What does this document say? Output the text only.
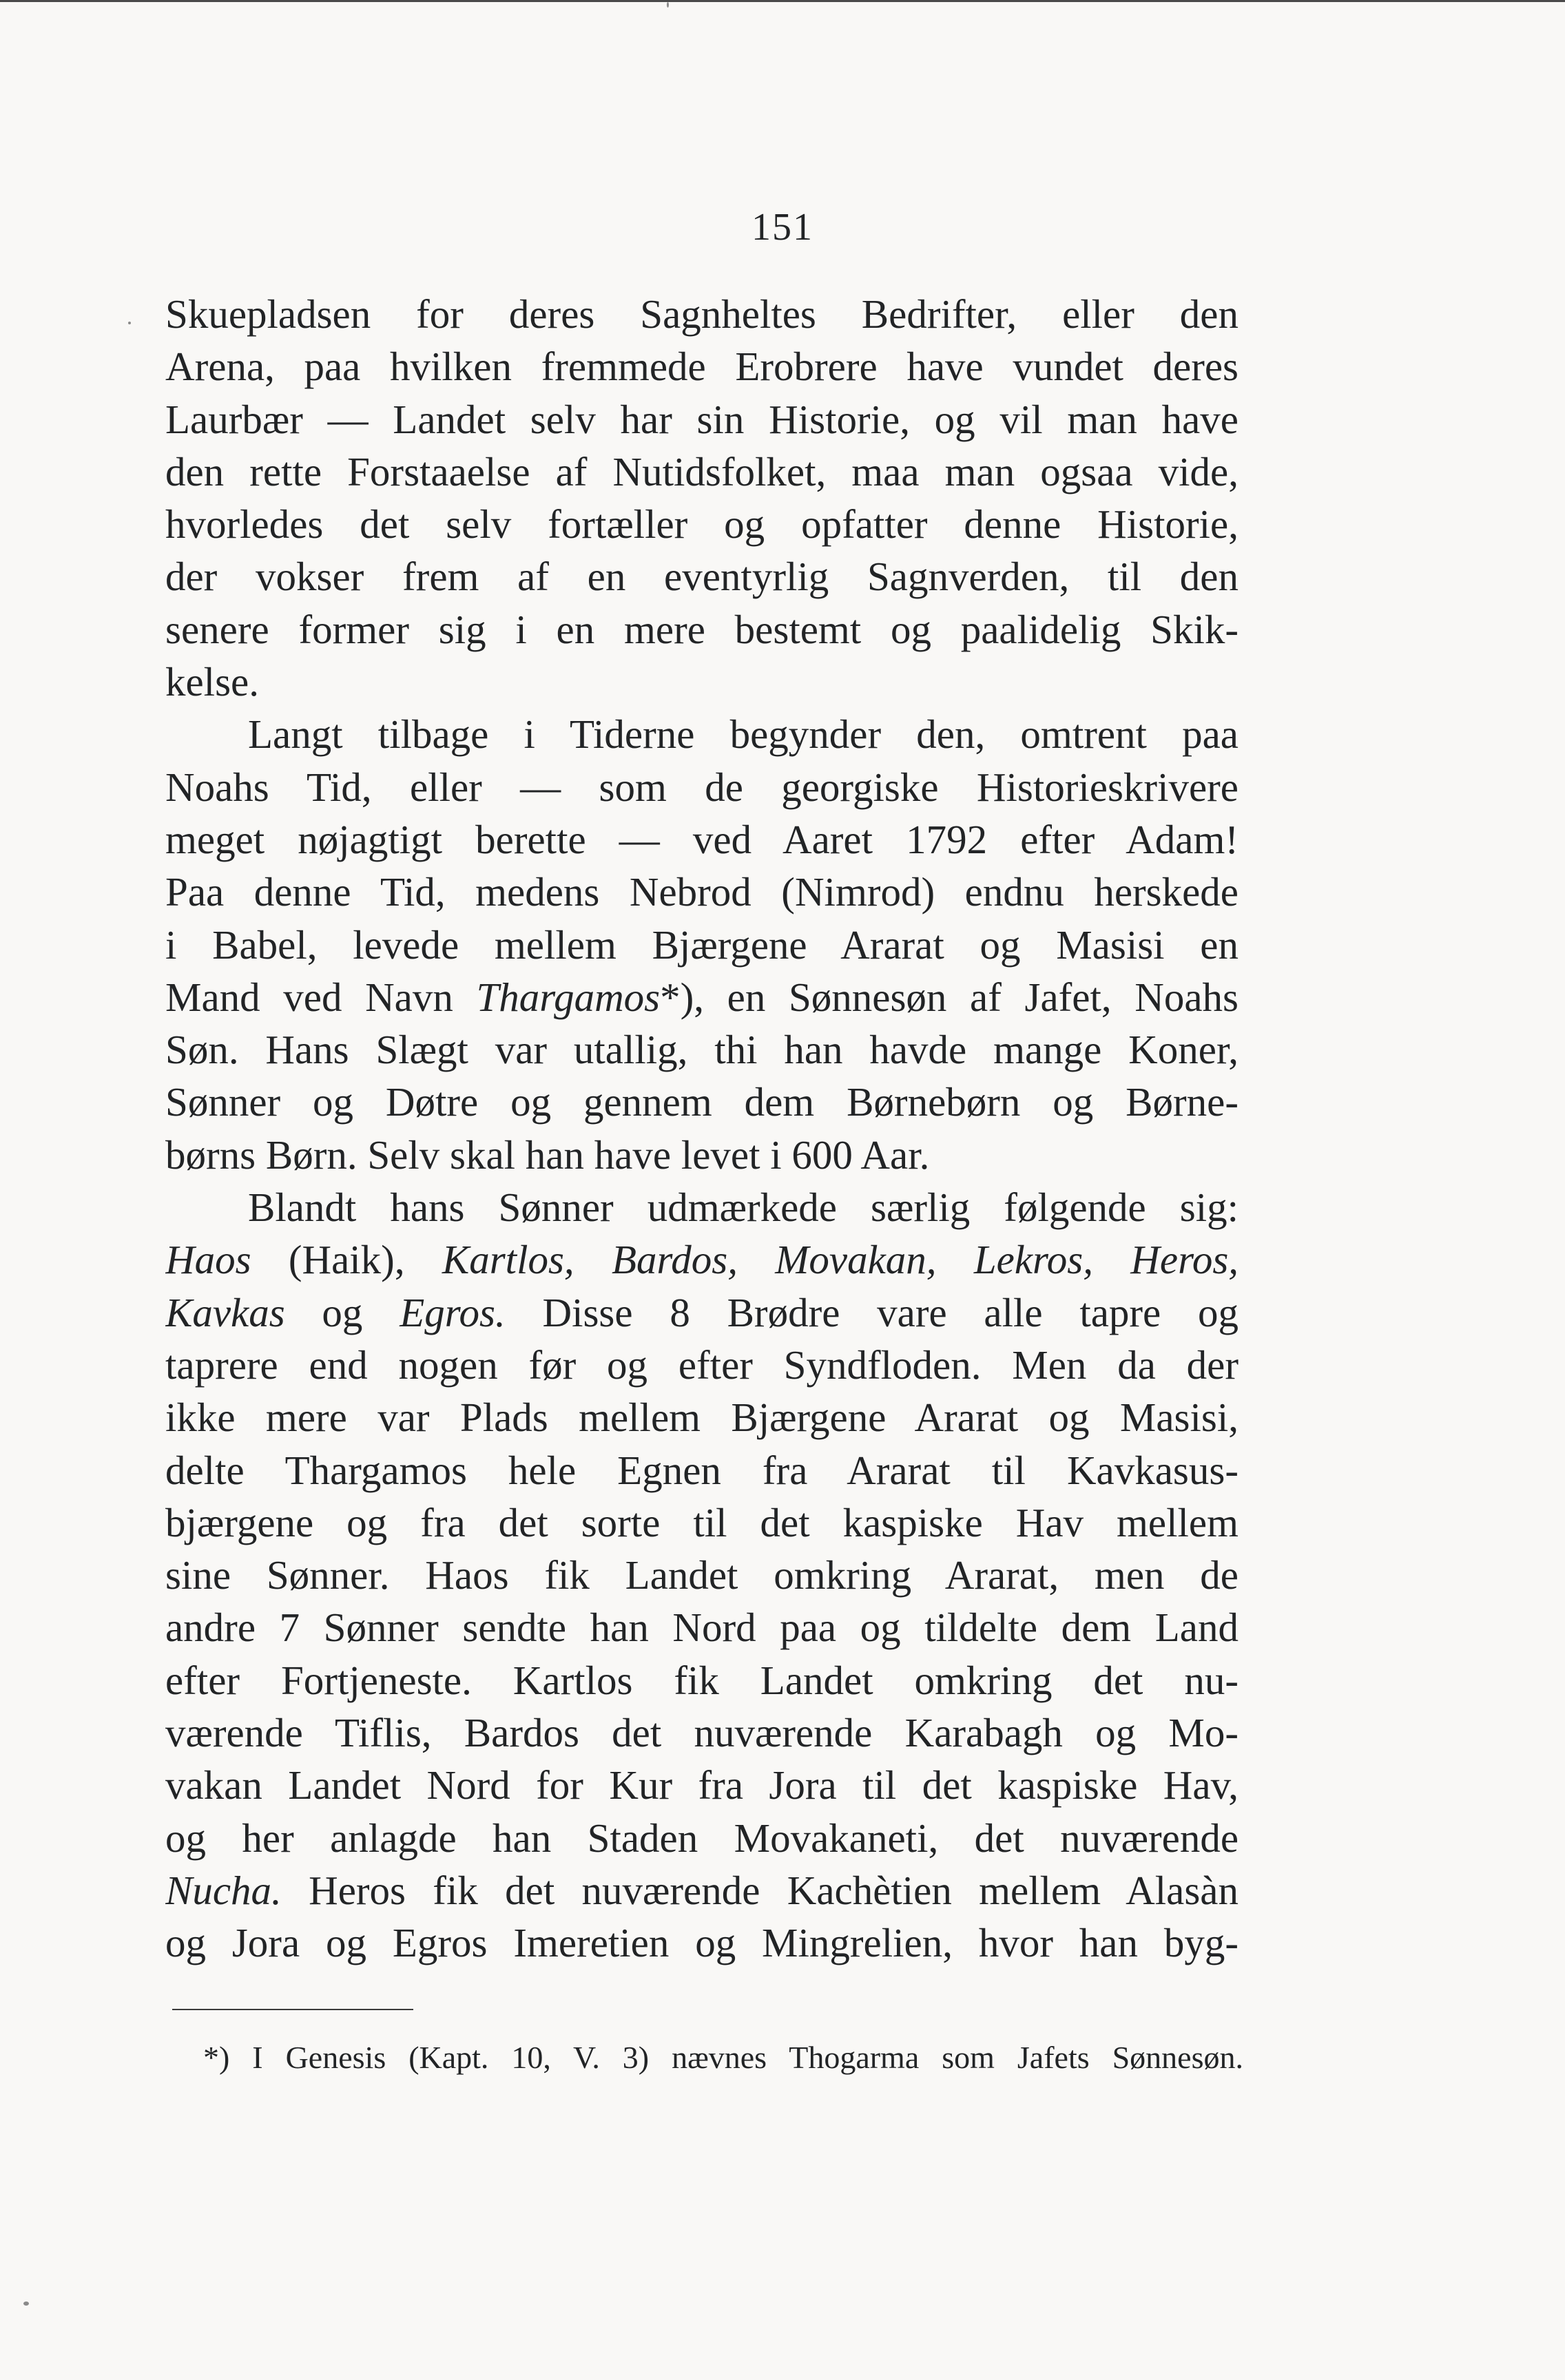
151
Skuepladsen for deres Sagnheltes Bedrifter, eller den
Arena, paa hvilken fremmede Erobrere have vundet deres
Laurbær — Landet selv har sin Historie, og vil man have
den rette Forstaaelse af Nutidsfolket, maa man ogsaa vide,
hvorledes det selv fortæller og opfatter denne Historie,
der vokser frem af en eventyrlig Sagnverden, til den
senere former sig i en mere bestemt og paalidelig Skik-
kelse.
Langt tilbage i Tiderne begynder den, omtrent paa
Noahs Tid, eller — som de georgiske Historieskrivere
meget nøjagtigt berette — ved Aaret 1792 efter Adam!
Paa denne Tid, medens Nebrod (Nimrod) endnu herskede
i Babel, levede mellem Bjærgene Ararat og Masisi en
Mand ved Navn Thargamos*), en Sønnesøn af Jafet, Noahs
Søn. Hans Slægt var utallig, thi han havde mange Koner,
Sønner og Døtre og gennem dem Børnebørn og Børne-
børns Børn. Selv skal han have levet i 600 Aar.
Blandt hans Sønner udmærkede særlig følgende sig:
Haos (Haik), Kartlos, Bardos, Movakan, Lekros, Heros,
Kavkas og Egros. Disse 8 Brødre vare alle tapre og
taprere end nogen før og efter Syndfloden. Men da der
ikke mere var Plads mellem Bjærgene Ararat og Masisi,
delte Thargamos hele Egnen fra Ararat til Kavkasus-
bjærgene og fra det sorte til det kaspiske Hav mellem
sine Sønner. Haos fik Landet omkring Ararat, men de
andre 7 Sønner sendte han Nord paa og tildelte dem Land
efter Fortjeneste. Kartlos fik Landet omkring det nu-
værende Tiflis, Bardos det nuværende Karabagh og Mo-
vakan Landet Nord for Kur fra Jora til det kaspiske Hav,
og her anlagde han Staden Movakaneti, det nuværende
Nucha. Heros fik det nuværende Kachètien mellem Alasàn
og Jora og Egros Imeretien og Mingrelien, hvor han byg-
*) I Genesis (Kapt. 10, V. 3) nævnes Thogarma som Jafets Sønnesøn.
